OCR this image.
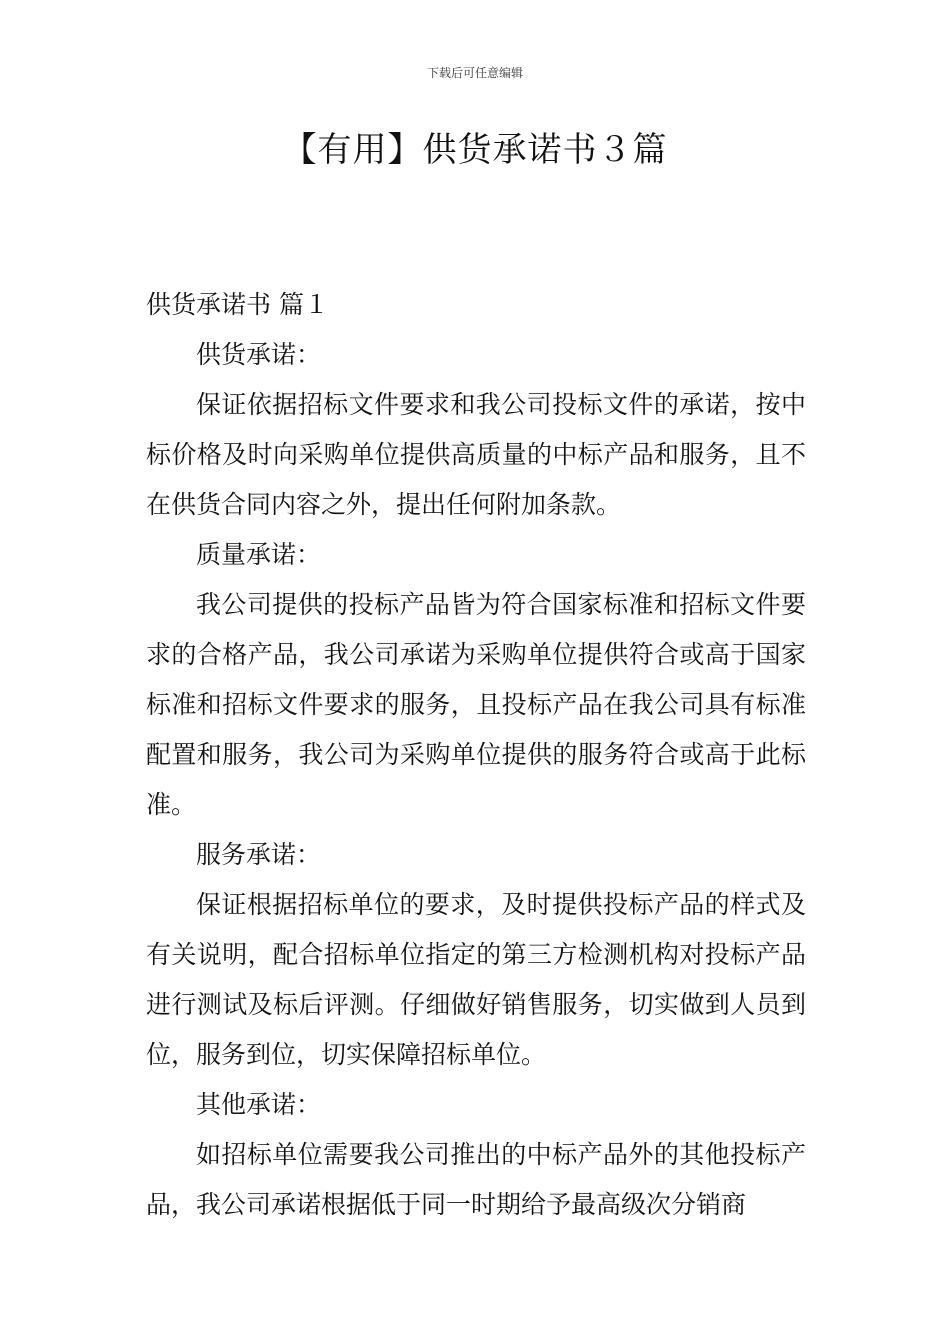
下载后可任意编辑
【有用】供货承诺书３篇

供货承诺书 篇１

供货承诺：

保证依据招标文件要求和我公司投标文件的承诺，按中标价格及时向采购单位提供高质量的中标产品和服务，且不在供货合同内容之外，提出任何附加条款。

质量承诺：

我公司提供的投标产品皆为符合国家标准和招标文件要求的合格产品，我公司承诺为采购单位提供符合或高于国家标准和招标文件要求的服务，且投标产品在我公司具有标准配置和服务，我公司为采购单位提供的服务符合或高于此标准。

服务承诺：

保证根据招标单位的要求，及时提供投标产品的样式及有关说明，配合招标单位指定的第三方检测机构对投标产品进行测试及标后评测。仔细做好销售服务，切实做到人员到位，服务到位，切实保障招标单位。

其他承诺：

如招标单位需要我公司推出的中标产品外的其他投标产品，我公司承诺根据低于同一时期给予最高级次分销商
